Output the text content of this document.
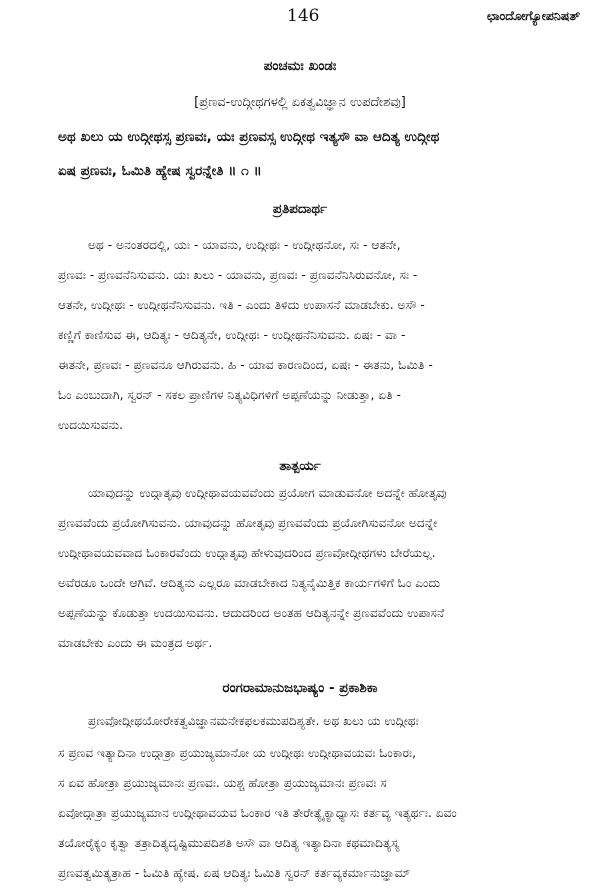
146	ಛಾಂದೋಗ್ಯೋಪನಿಷತ್
ಪಂಚಮಃ ಖಂಡಃ
[ಪ್ರಣವ-ಉದ್ಗೀಥಗಳಲ್ಲಿ ಏಕತ್ವವಿಜ್ಞಾನ ಉಪದೇಶವು]
ಅಥ ಖಲು ಯ ಉದ್ಗೀಥಸ್ಸ ಪ್ರಣವಃ, ಯಃ ಪ್ರಣವಸ್ಸ ಉದ್ಗೀಥ ಇತ್ಯಸೌ ವಾ ಆದಿತ್ಯ ಉದ್ಗೀಥ
ಏಷ ಪ್ರಣವಃ, ಓಮಿತಿ ಹ್ಯೇಷ ಸ್ವರನ್ನೇತಿ ॥ ೧ ॥
ಪ್ರತಿಪದಾರ್ಥ
ಅಥ - ಅನಂತರದಲ್ಲಿ, ಯಃ - ಯಾವನು, ಉದ್ಗೀಥಃ - ಉದ್ಗೀಥನೋ, ಸಃ - ಆತನೇ,
ಪ್ರಣವಃ - ಪ್ರಣವನೆನಿಸುವನು. ಯಃ ಖಲು - ಯಾವನು, ಪ್ರಣವಃ - ಪ್ರಣವನೆನಿಸಿರುವನೋ, ಸಃ -
ಆತನೇ, ಉದ್ಗೀಥಃ - ಉದ್ಗೀಥನೆನಿಸುವನು. ಇತಿ - ಎಂದು ತಿಳಿದು ಉಪಾಸನೆ ಮಾಡಬೇಕು. ಅಸೌ -
ಕಣ್ಣಿಗೆ ಕಾಣಿಸುವ ಈ, ಆದಿತ್ಯಃ - ಆದಿತ್ಯನೇ, ಉದ್ಗೀಥಃ - ಉದ್ಗೀಥನೆನಿಸುವನು. ಏಷಃ - ವಾ -
ಈತನೇ, ಪ್ರಣವಃ - ಪ್ರಣವನೂ ಆಗಿರುವನು. ಹಿ - ಯಾವ ಕಾರಣದಿಂದ, ಏಷಃ - ಈತನು, ಓಮಿತಿ -
ಓಂ ಎಂಬುದಾಗಿ, ಸ್ವರನ್ - ಸಕಲ ಪ್ರಾಣಿಗಳ ನಿತ್ಯವಿಧಿಗಳಿಗೆ ಅಪ್ಪಣೆಯನ್ನು ನೀಡುತ್ತಾ, ಏತಿ -
ಉದಯಿಸುವನು.
ತಾತ್ಪರ್ಯ
ಯಾವುದನ್ನು ಉದ್ಗಾತೃವು ಉದ್ಗೀಥಾವಯವವೆಂದು ಪ್ರಯೋಗ ಮಾಡುವನೋ ಅದನ್ನೇ ಹೋತೃವು
ಪ್ರಣವವೆಂದು ಪ್ರಯೋಗಿಸುವನು. ಯಾವುದನ್ನು ಹೋತೃವು ಪ್ರಣವವೆಂದು ಪ್ರಯೋಗಿಸುವನೋ ಅದನ್ನೇ
ಉದ್ಗೀಥಾವಯವವಾದ ಓಂಕಾರವೆಂದು ಉದ್ಗಾತೃವು ಹೇಳುವುದರಿಂದ ಪ್ರಣವೋದ್ಗೀಥಗಳು ಬೇರೆಯಲ್ಲ.
ಅವೆರಡೂ ಒಂದೇ ಆಗಿವೆ. ಆದಿತ್ಯನು ಎಲ್ಲರೂ ಮಾಡಬೇಕಾದ ನಿತ್ಯನೈಮಿತ್ತಿಕ ಕಾರ್ಯಗಳಿಗೆ ಓಂ ಎಂದು
ಅಪ್ಪಣೆಯನ್ನು ಕೊಡುತ್ತಾ ಉದಯಿಸುವನು. ಆದುದರಿಂದ ಅಂತಹ ಆದಿತ್ಯನನ್ನೇ ಪ್ರಣವವೆಂದು ಉಪಾಸನೆ
ಮಾಡಬೇಕು ಎಂದು ಈ ಮಂತ್ರದ ಅರ್ಥ.
ರಂಗರಾಮಾನುಜಭಾಷ್ಯಂ - ಪ್ರಕಾಶಿಕಾ
ಪ್ರಣವೋದ್ಗೀಥಯೋರೇಕತ್ವವಿಜ್ಞಾನಮನೇಕಫಲಕಮುಪದಿಶ್ಯತೇ. ಅಥ ಖಲು ಯ ಉದ್ಗೀಥಃ
ಸ ಪ್ರಣವ ಇತ್ಯಾದಿನಾ ಉದ್ಗಾತ್ರಾ ಪ್ರಯುಜ್ಯಮಾನೋ ಯ ಉದ್ಗೀಥಃ ಉದ್ಗೀಥಾವಯವಃ ಓಂಕಾರಃ,
ಸ ಏವ ಹೋತ್ರಾ ಪ್ರಯುಜ್ಯಮಾನಃ ಪ್ರಣವಃ. ಯಶ್ಚ ಹೋತ್ರಾ ಪ್ರಯುಜ್ಯಮಾನಃ ಪ್ರಣವಃ ಸ
ಏವೋದ್ಗಾತ್ರಾ ಪ್ರಯುಜ್ಯಮಾನ ಉದ್ಗೀಥಾವಯವ ಓಂಕಾರ ಇತಿ ತೇರೇತ್ಯೈಕ್ಯಾಧ್ಯಾಸಃ ಕರ್ತವ್ಯ ಇತ್ಯರ್ಥಃ. ಏವಂ
ತಯೋರೈಕ್ಯಂ ಕೃತ್ವಾ ತತ್ರಾದಿತ್ಯದೃಷ್ಟಿಮುಪದಿಶತಿ ಅಸೌ ವಾ ಆದಿತ್ಯ ಇತ್ಯಾದಿನಾ ಕಥಮಾದಿತ್ಯಸ್ಯ
ಪ್ರಣವತ್ವಮಿತ್ಯತ್ರಾಹ - ಓಮಿತಿ ಹ್ಯೇಷ. ಏಷ ಆದಿತ್ಯಃ ಓಮಿತಿ ಸ್ವರನ್ ಕರ್ತವ್ಯಕರ್ಮಾನುಜ್ಞಾಮ್
